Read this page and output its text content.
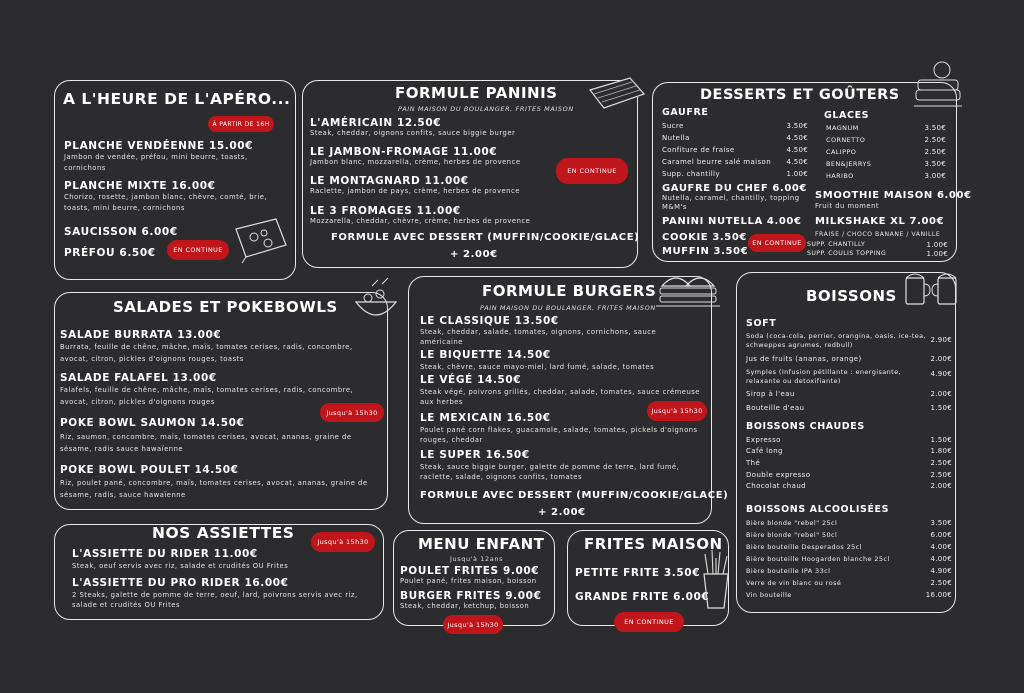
A L'HEURE DE L'APÉRO...
À PARTIR DE 16H
PLANCHE VENDÉENNE 15.00€
Jambon de vendée, préfou, mini beurre, toasts, cornichons
PLANCHE MIXTE 16.00€
Chorizo, rosette, jambon blanc, chèvre, comté, brie, toasts, mini beurre, cornichons
SAUCISSON 6.00€
PRÉFOU 6.50€	EN CONTINUE
FORMULE PANINIS
PAIN MAISON DU BOULANGER, FRITES MAISON
L'AMÉRICAIN 12.50€
Steak, cheddar, oignons confits, sauce biggie burger
LE JAMBON-FROMAGE 11.00€
Jambon blanc, mozzarella, crème, herbes de provence
LE MONTAGNARD 11.00€
Raclette, jambon de pays, crème, herbes de provence
LE 3 FROMAGES 11.00€
Mozzarella, cheddar, chèvre, crème, herbes de provence
FORMULE AVEC DESSERT (MUFFIN/COOKIE/GLACE)
+ 2.00€
EN CONTINUE
DESSERTS ET GOÛTERS
GAUFRE
Sucre	3.50€
Nutella	4.50€
Confiture de fraise	4.50€
Caramel beurre salé maison	4.50€
Supp. chantilly	1.00€
GAUFRE DU CHEF 6.00€
Nutella, caramel, chantilly, topping M&M's
PANINI NUTELLA 4.00€
COOKIE 3.50€
MUFFIN 3.50€
EN CONTINUE
GLACES
MAGNUM	3.50€
CORNETTO	2.50€
CALIPPO	2.50€
BEN&JERRYS	3.50€
HARIBO	3.00€
SMOOTHIE MAISON 6.00€
Fruit du moment
MILKSHAKE XL 7.00€
FRAISE / CHOCO BANANE / VANILLE
SUPP. CHANTILLY	1.00€
SUPP. COULIS TOPPING	1.00€
SALADES ET POKEBOWLS
SALADE BURRATA 13.00€
Burrata, feuille de chêne, mâche, maïs, tomates cerises, radis, concombre, avocat, citron, pickles d'oignons rouges, toasts
SALADE FALAFEL 13.00€
Falafels, feuille de chêne, mâche, maïs, tomates cerises, radis, concombre, avocat, citron, pickles d'oignons rouges
POKE BOWL SAUMON 14.50€
Riz, saumon, concombre, maïs, tomates cerises, avocat, ananas, graine de sésame, radis sauce hawaïenne
POKE BOWL POULET 14.50€
Riz, poulet pané, concombre, maïs, tomates cerises, avocat, ananas, graine de sésame, radis, sauce hawaïenne
Jusqu'à 15h30
FORMULE BURGERS
PAIN MAISON DU BOULANGER, FRITES MAISON
LE CLASSIQUE 13.50€
Steak, cheddar, salade, tomates, oignons, cornichons, sauce américaine
LE BIQUETTE 14.50€
Steak, chèvre, sauce mayo-miel, lard fumé, salade, tomates
LE VÉGÉ 14.50€
Steak végé, poivrons grillés, cheddar, salade, tomates, sauce crémeuse aux herbes
LE MEXICAIN 16.50€
Poulet pané corn flakes, guacamole, salade, tomates, pickels d'oignons rouges, cheddar
LE SUPER 16.50€
Steak, sauce biggie burger, galette de pomme de terre, lard fumé, raclette, salade, oignons confits, tomates
FORMULE AVEC DESSERT (MUFFIN/COOKIE/GLACE)
+ 2.00€
Jusqu'à 15h30
BOISSONS
SOFT
Soda (coca-cola, perrier, orangina, oasis, ice-tea, schweppes agrumes, redbull)
2.90€
Jus de fruits (ananas, orange)	2.00€
Symples (Infusion pétillante : energisante, relaxante ou detoxifiante)
4.90€
Sirop à l'eau	2.00€
Bouteille d'eau	1.50€
BOISSONS CHAUDES
Expresso	1.50€
Café long	1.80€
Thé	2.50€
Double expresso	2.50€
Chocolat chaud	2.00€
BOISSONS ALCOOLISÉES
Bière blonde "rebel" 25cl	3.50€
Bière blonde "rebel" 50cl	6.00€
Bière bouteille Desperados 25cl	4.00€
Bière bouteille Hoogarden blanche 25cl	4.00€
Bière bouteille IPA 33cl	4.90€
Verre de vin blanc ou rosé	2.50€
Vin bouteille	16.00€
NOS ASSIETTES	Jusqu'à 15h30
L'ASSIETTE DU RIDER 11.00€
Steak, oeuf servis avec riz, salade et crudités OU Frites
L'ASSIETTE DU PRO RIDER 16.00€
2 Steaks, galette de pomme de terre, oeuf, lard, poivrons servis avec riz, salade et crudités OU Frites
MENU ENFANT
Jusqu'à 12ans
POULET FRITES 9.00€
Poulet pané, frites maison, boisson
BURGER FRITES 9.00€
Steak, cheddar, ketchup, boisson
Jusqu'à 15h30
FRITES MAISON
PETITE FRITE 3.50€
GRANDE FRITE 6.00€
EN CONTINUE
